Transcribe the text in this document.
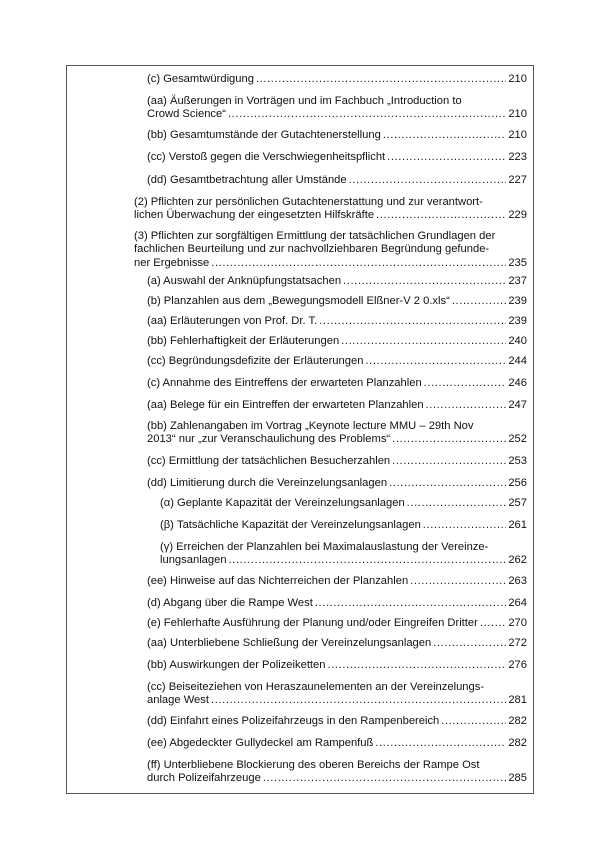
(c) Gesamtwürdigung .....	210
(aa) Äußerungen in Vorträgen und im Fachbuch „Introduction to
Crowd Science“ .....	210
(bb) Gesamtumstände der Gutachtenerstellung .....	210
(cc) Verstoß gegen die Verschwiegenheitspflicht .....	223
(dd) Gesamtbetrachtung aller Umstände .....	227
(2) Pflichten zur persönlichen Gutachtenerstattung und zur verantwort-
lichen Überwachung der eingesetzten Hilfskräfte .....	229
(3) Pflichten zur sorgfältigen Ermittlung der tatsächlichen Grundlagen der
fachlichen Beurteilung und zur nachvollziehbaren Begründung gefunde-
ner Ergebnisse .....	235
(a) Auswahl der Anknüpfungstatsachen .....	237
(b) Planzahlen aus dem „Bewegungsmodell Elßner-V 2 0.xls“ .....	239
(aa) Erläuterungen von Prof. Dr. T. .....	239
(bb) Fehlerhaftigkeit der Erläuterungen .....	240
(cc) Begründungsdefizite der Erläuterungen .....	244
(c) Annahme des Eintreffens der erwarteten Planzahlen .....	246
(aa) Belege für ein Eintreffen der erwarteten Planzahlen .....	247
(bb) Zahlenangaben im Vortrag „Keynote lecture MMU – 29th Nov
2013“ nur „zur Veranschaulichung des Problems“ .....	252
(cc) Ermittlung der tatsächlichen Besucherzahlen .....	253
(dd) Limitierung durch die Vereinzelungsanlagen .....	256
(α) Geplante Kapazität der Vereinzelungsanlagen .....	257
(β) Tatsächliche Kapazität der Vereinzelungsanlagen .....	261
(γ) Erreichen der Planzahlen bei Maximalauslastung der Vereinze-
lungsanlagen .....	262
(ee) Hinweise auf das Nichterreichen der Planzahlen .....	263
(d) Abgang über die Rampe West .....	264
(e) Fehlerhafte Ausführung der Planung und/oder Eingreifen Dritter .....	270
(aa) Unterbliebene Schließung der Vereinzelungsanlagen .....	272
(bb) Auswirkungen der Polizeiketten .....	276
(cc) Beiseiteziehen von Heraszaunelementen an der Vereinzelungs-
anlage West .....	281
(dd) Einfahrt eines Polizeifahrzeugs in den Rampenbereich .....	282
(ee) Abgedeckter Gullydeckel am Rampenfuß .....	282
(ff) Unterbliebene Blockierung des oberen Bereichs der Rampe Ost
durch Polizeifahrzeuge .....	285
